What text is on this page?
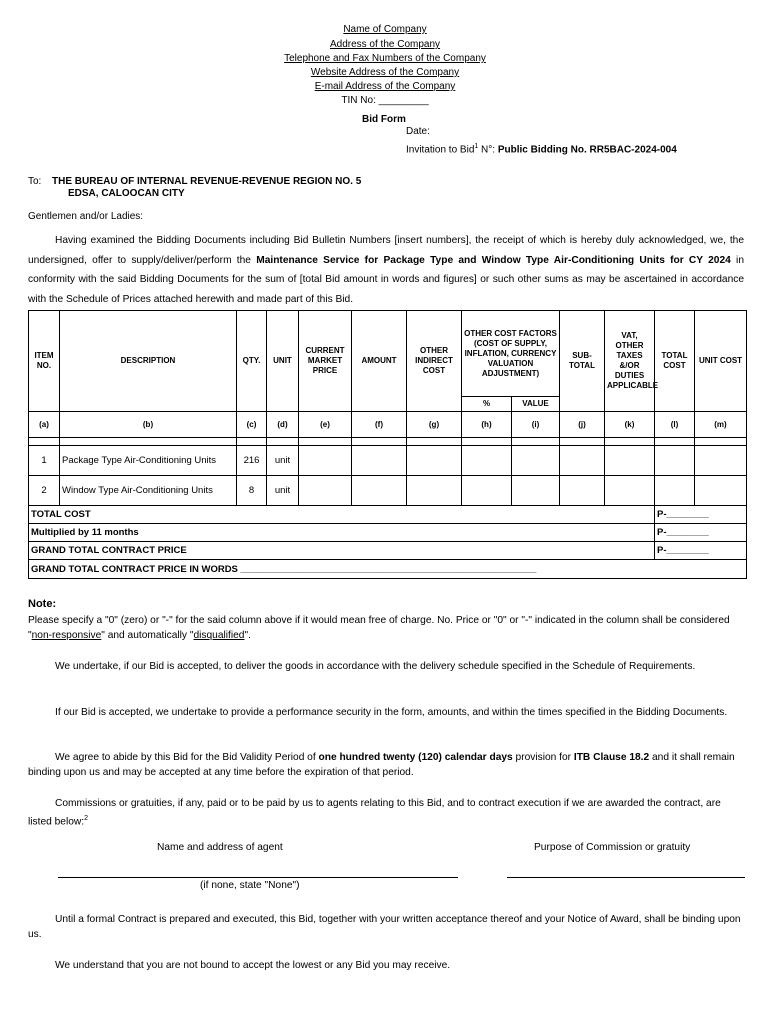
Name of Company
Address of the Company
Telephone and Fax Numbers of the Company
Website Address of the Company
E-mail Address of the Company
TIN No: _________
Bid Form
Date:
Invitation to Bid$^1$ N°: Public Bidding No. RR5BAC-2024-004
To: THE BUREAU OF INTERNAL REVENUE-REVENUE REGION NO. 5
EDSA, CALOOCAN CITY
Gentlemen and/or Ladies:

Having examined the Bidding Documents including Bid Bulletin Numbers [insert numbers], the receipt of which is hereby duly acknowledged, we, the undersigned, offer to supply/deliver/perform the Maintenance Service for Package Type and Window Type Air-Conditioning Units for CY 2024 in conformity with the said Bidding Documents for the sum of [total Bid amount in words and figures] or such other sums as may be ascertained in accordance with the Schedule of Prices attached herewith and made part of this Bid.

ITEM NO.	DESCRIPTION	QTY.	UNIT	CURRENT MARKET PRICE	AMOUNT	OTHER INDIRECT COST	OTHER COST FACTORS (COST OF SUPPLY, INFLATION, CURRENCY VALUATION ADJUSTMENT)		SUB-TOTAL	VAT, OTHER TAXES &/OR DUTIES APPLICABLE	TOTAL COST	UNIT COST
							%	VALUE				
(a)	(b)	(c)	(d)	(e)	(f)	(g)	(h)	(i)	(j)	(k)	(l)	(m)

1	Package Type Air-Conditioning Units	216	unit									
2	Window Type Air-Conditioning Units	8	unit									
TOTAL COST											P-________	
Multiplied by 11 months											P-________	
GRAND TOTAL CONTRACT PRICE											P-________	
GRAND TOTAL CONTRACT PRICE IN WORDS ________________________________________________________												
Note:

Please specify a "0" (zero) or "-" for the said column above if it would mean free of charge. No. Price or "0" or "-" indicated in the column shall be considered "non-responsive" and automatically "disqualified".

We undertake, if our Bid is accepted, to deliver the goods in accordance with the delivery schedule specified in the Schedule of Requirements.

If our Bid is accepted, we undertake to provide a performance security in the form, amounts, and within the times specified in the Bidding Documents.

We agree to abide by this Bid for the Bid Validity Period of one hundred twenty (120) calendar days provision for ITB Clause 18.2 and it shall remain binding upon us and may be accepted at any time before the expiration of that period.

Commissions or gratuities, if any, paid or to be paid by us to agents relating to this Bid, and to contract execution if we are awarded the contract, are listed below:$^2$

Name and address of agent	Purpose of Commission or gratuity
(if none, state "None")

Until a formal Contract is prepared and executed, this Bid, together with your written acceptance thereof and your Notice of Award, shall be binding upon us.

We understand that you are not bound to accept the lowest or any Bid you may receive.
